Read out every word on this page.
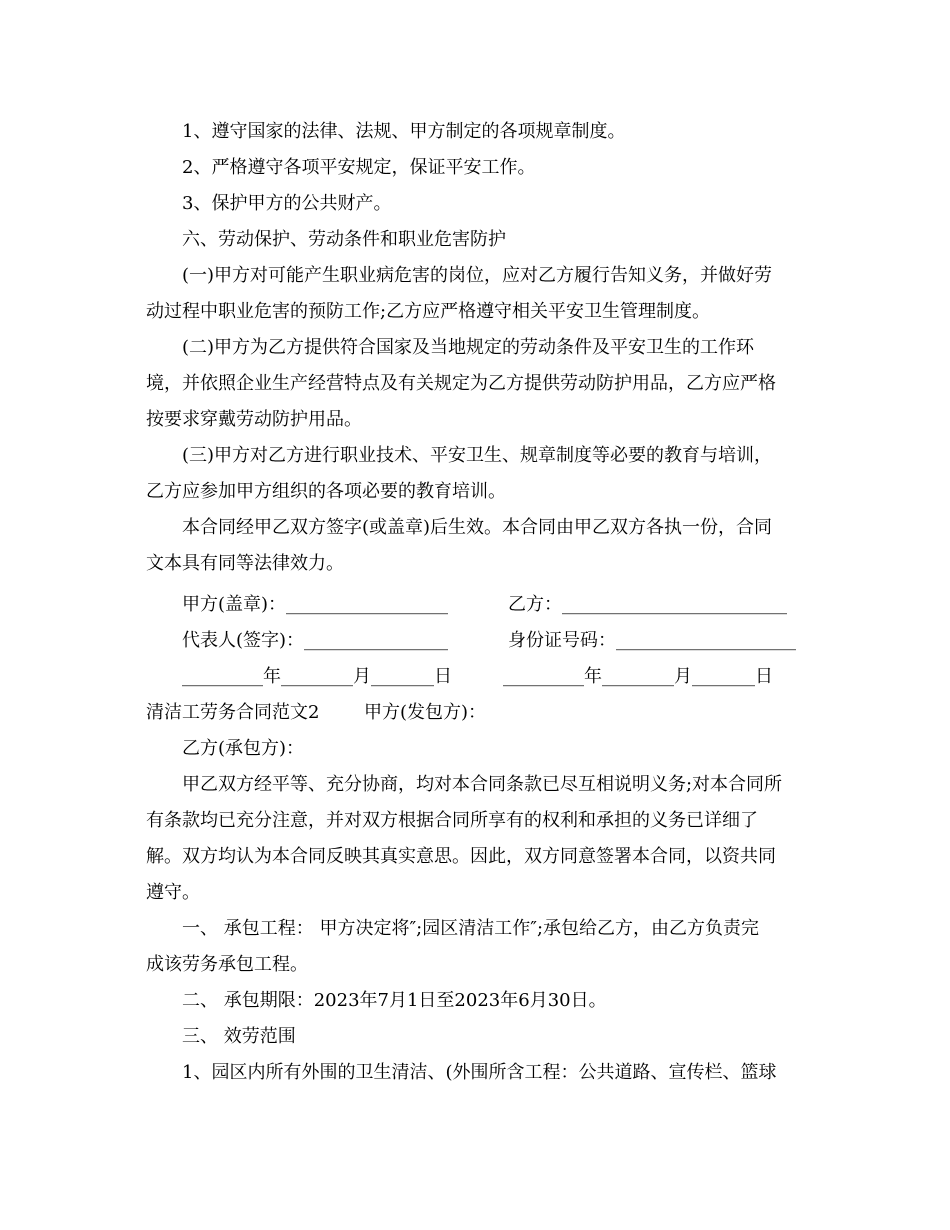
1、遵守国家的法律、法规、甲方制定的各项规章制度。

2、严格遵守各项平安规定，保证平安工作。

3、保护甲方的公共财产。

六、劳动保护、劳动条件和职业危害防护

(一)甲方对可能产生职业病危害的岗位，应对乙方履行告知义务，并做好劳

动过程中职业危害的预防工作;乙方应严格遵守相关平安卫生管理制度。

(二)甲方为乙方提供符合国家及当地规定的劳动条件及平安卫生的工作环

境，并依照企业生产经营特点及有关规定为乙方提供劳动防护用品，乙方应严格

按要求穿戴劳动防护用品。

(三)甲方对乙方进行职业技术、平安卫生、规章制度等必要的教育与培训，

乙方应参加甲方组织的各项必要的教育培训。

本合同经甲乙双方签字(或盖章)后生效。本合同由甲乙双方各执一份，合同

文本具有同等法律效力。

甲方(盖章)：__________________	乙方：_________________________
代表人(签字)：________________	身份证号码：____________________
_________年________月_______日	_________年________月_______日
清洁工劳务合同范文2 甲方(发包方)：

乙方(承包方)：

甲乙双方经平等、充分协商，均对本合同条款已尽互相说明义务;对本合同所

有条款均已充分注意，并对双方根据合同所享有的权利和承担的义务已详细了

解。双方均认为本合同反映其真实意思。因此，双方同意签署本合同，以资共同

遵守。

一、 承包工程： 甲方决定将″;园区清洁工作″;承包给乙方，由乙方负责完

成该劳务承包工程。

二、 承包期限：2023年7月1日至2023年6月30日。

三、 效劳范围

1、园区内所有外围的卫生清洁、(外围所含工程：公共道路、宣传栏、篮球
